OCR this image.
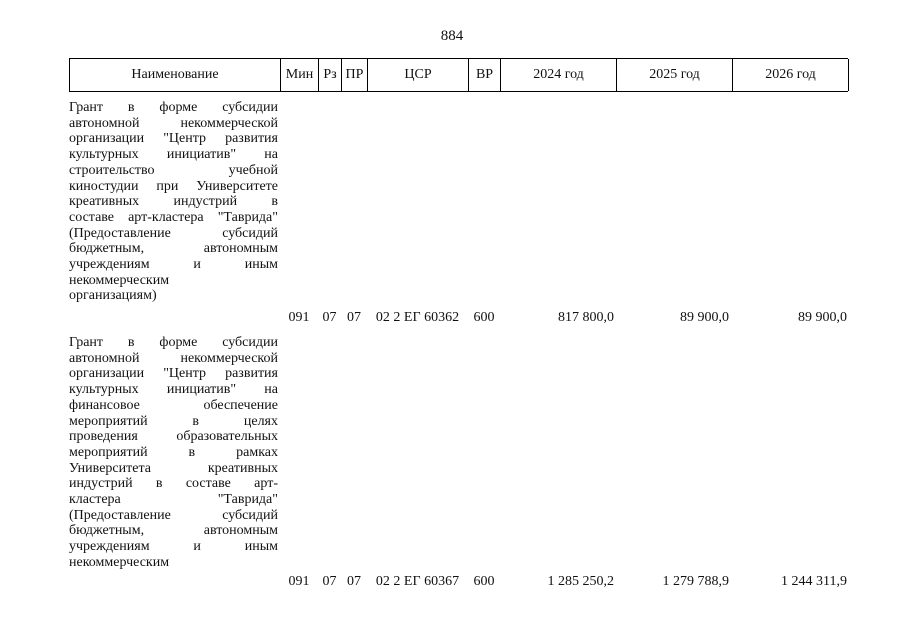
884
Наименование	Мин Рз ПР	ЦСР	ВР	2024 год	2025 год	2026 год
Грант в форме субсидии
автономной некоммерческой
организации "Центр развития
культурных инициатив" на
строительство учебной
киностудии при Университете
креативных индустрий в
составе арт-кластера "Таврида"
(Предоставление субсидий
бюджетным, автономным
учреждениям и иным
некоммерческим
организациям)
091 07 07	02 2 ЕГ 60362	600	817 800,0	89 900,0	89 900,0
Грант в форме субсидии
автономной некоммерческой
организации "Центр развития
культурных инициатив" на
финансовое обеспечение
мероприятий в целях
проведения образовательных
мероприятий в рамках
Университета креативных
индустрий в составе арт-
кластера "Таврида"
(Предоставление субсидий
бюджетным, автономным
учреждениям и иным
некоммерческим
091 07 07	02 2 ЕГ 60367	600	1 285 250,2	1 279 788,9	1 244 311,9
